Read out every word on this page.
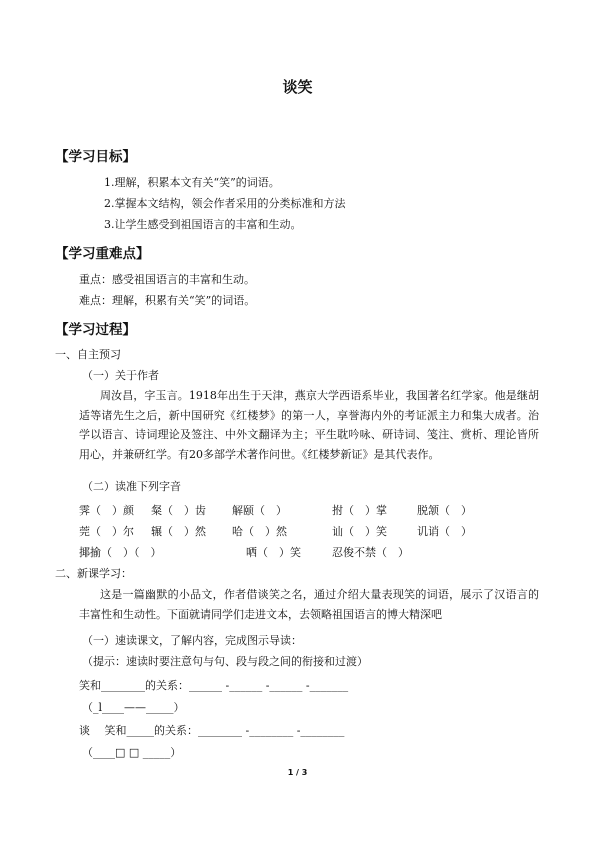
谈笑
【学习目标】
1.理解，积累本文有关“笑”的词语。
2.掌握本文结构，领会作者采用的分类标准和方法
3.让学生感受到祖国语言的丰富和生动。
【学习重难点】
重点：感受祖国语言的丰富和生动。
难点：理解，积累有关“笑”的词语。
【学习过程】
一、自主预习
（一）关于作者
周汝昌，字玉言。1918年出生于天津，燕京大学西语系毕业，我国著名红学家。他是继胡适等诸先生之后，新中国研究《红楼梦》的第一人，享誉海内外的考证派主力和集大成者。治学以语言、诗词理论及签注、中外文翻译为主；平生耽吟咏、研诗词、笺注、赏析、理论皆所用心，并兼研红学。有20多部学术著作问世。《红楼梦新证》是其代表作。
（二）读准下列字音
霁（　）颜 粲（　）齿 解颐（　）	拊（　）掌	脱颔（　）
莞（　）尔 辗（　）然 哈（　）然	讪（　）笑	讥诮（　）
揶揄（　）（　）	哂（　）笑	忍俊不禁（　）
二、新课学习：
这是一篇幽默的小品文，作者借谈笑之名，通过介绍大量表现笑的词语，展示了汉语言的丰富性和生动性。下面就请同学们走进文本，去领略祖国语言的博大精深吧
（一）速读课文，了解内容，完成图示导读：
（提示：速读时要注意句与句、段与段之间的衔接和过渡）
笑和________的关系：______ -______ -______ -_______
（_l____——_____）
谈　 笑和_____的关系：________ -________ -________
（____□ □ _____）
1 / 3
